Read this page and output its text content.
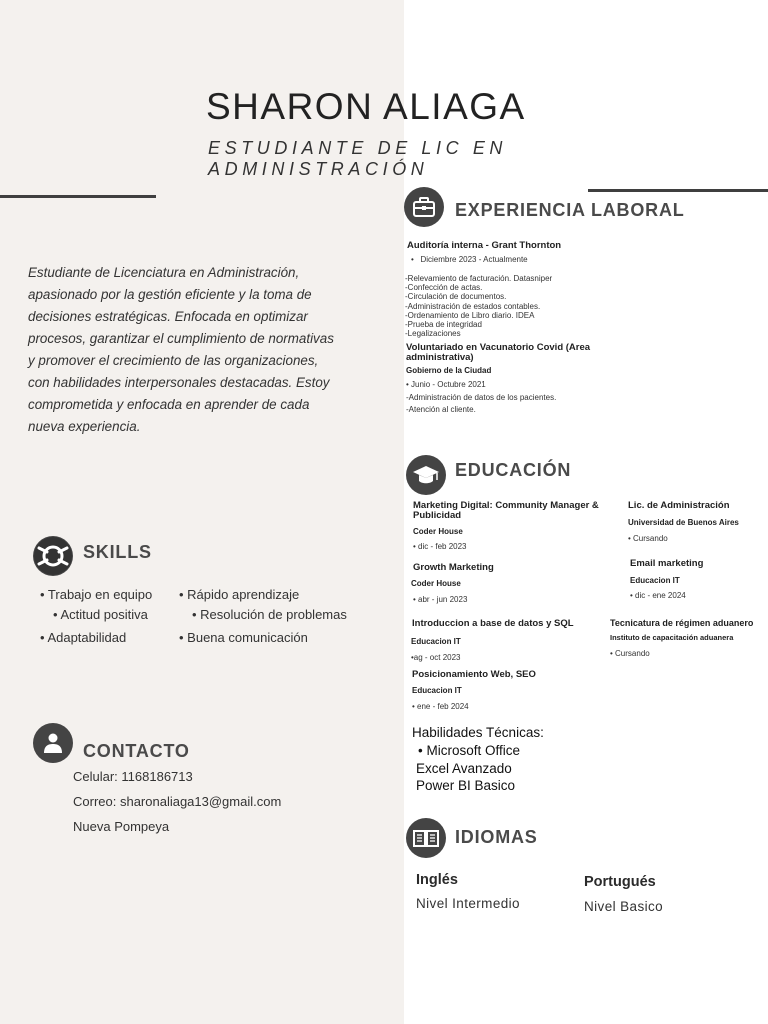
SHARON ALIAGA
ESTUDIANTE DE LIC EN ADMINISTRACIÓN
Estudiante de Licenciatura en Administración, apasionado por la gestión eficiente y la toma de decisiones estratégicas. Enfocada en optimizar procesos, garantizar el cumplimiento de normativas y promover el crecimiento de las organizaciones, con habilidades interpersonales destacadas. Estoy comprometida y enfocada en aprender de cada nueva experiencia.
SKILLS
• Trabajo en equipo • Rápido aprendizaje
• Actitud positiva	• Resolución de problemas
• Adaptabilidad	• Buena comunicación
CONTACTO
Celular: 1168186713
Correo: sharonaliaga13@gmail.com
Nueva Pompeya
EXPERIENCIA LABORAL
Auditoría interna - Grant Thornton
•   Diciembre 2023 - Actualmente
-Relevamiento de facturación. Datasniper
-Confección de actas.
-Circulación de documentos.
-Administración de estados contables.
-Ordenamiento de Libro diario. IDEA
-Prueba de integridad
-Legalizaciones
Voluntariado en Vacunatorio Covid (Area administrativa)
Gobierno de la Ciudad
• Junio - Octubre 2021
-Administración de datos de los pacientes.
-Atención al cliente.
EDUCACIÓN
Marketing Digital: Community Manager & Publicidad
Coder House
• dic - feb 2023
Growth Marketing
Coder House
• abr - jun 2023
Introduccion a base de datos y SQL
Educacion IT
•ag - oct 2023
Posicionamiento Web, SEO
Educacion IT
• ene - feb 2024
Lic. de Administración
Universidad de Buenos Aires
• Cursando
Email marketing
Educacion IT
• dic - ene 2024
Tecnicatura de régimen aduanero
Instituto de capacitación aduanera
• Cursando
Habilidades Técnicas:
• Microsoft Office
Excel Avanzado
Power BI Basico
IDIOMAS
Inglés
Nivel Intermedio
Portugués
Nivel Basico
